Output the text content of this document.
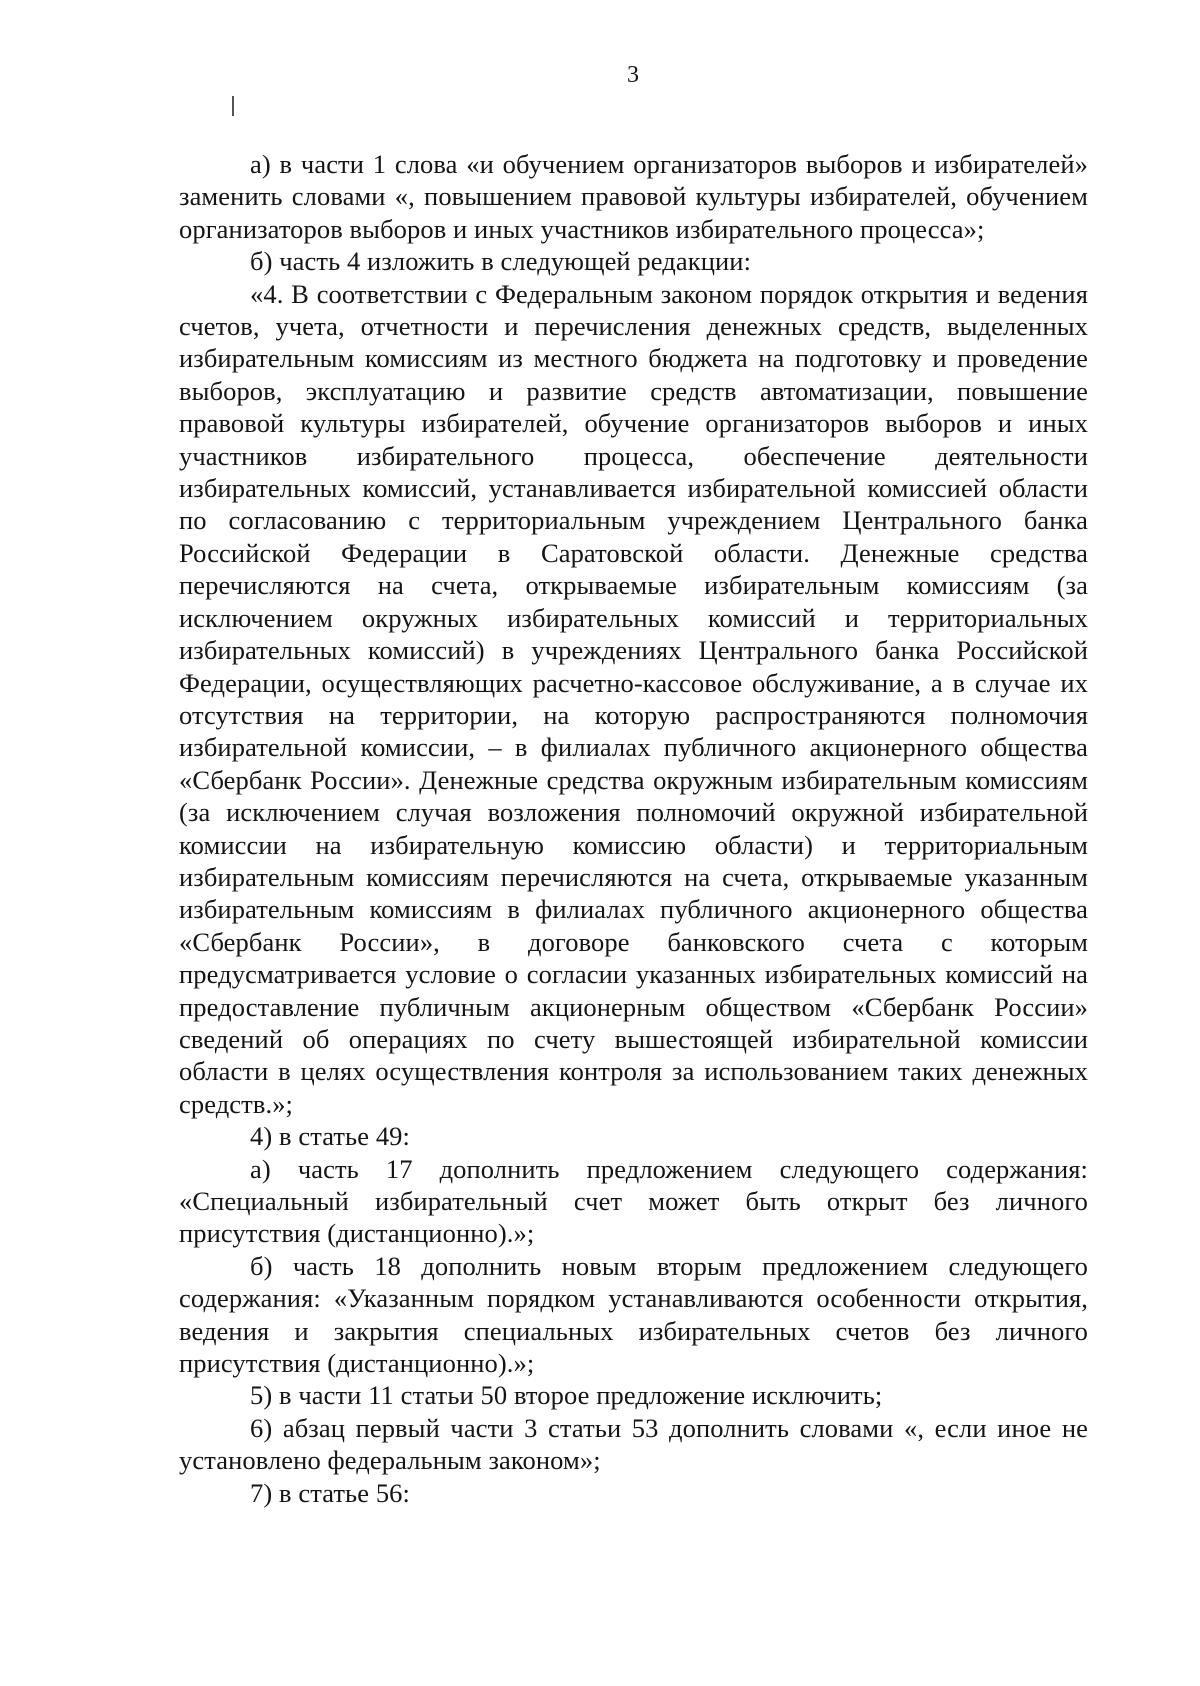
3

а) в части 1 слова «и обучением организаторов выборов и избирателей» заменить словами «, повышением правовой культуры избирателей, обучением организаторов выборов и иных участников избирательного процесса»;

б) часть 4 изложить в следующей редакции:

«4. В соответствии с Федеральным законом порядок открытия и ведения счетов, учета, отчетности и перечисления денежных средств, выделенных избирательным комиссиям из местного бюджета на подготовку и проведение выборов, эксплуатацию и развитие средств автоматизации, повышение правовой культуры избирателей, обучение организаторов выборов и иных участников избирательного процесса, обеспечение деятельности избирательных комиссий, устанавливается избирательной комиссией области по согласованию с территориальным учреждением Центрального банка Российской Федерации в Саратовской области. Денежные средства перечисляются на счета, открываемые избирательным комиссиям (за исключением окружных избирательных комиссий и территориальных избирательных комиссий) в учреждениях Центрального банка Российской Федерации, осуществляющих расчетно-кассовое обслуживание, а в случае их отсутствия на территории, на которую распространяются полномочия избирательной комиссии, – в филиалах публичного акционерного общества «Сбербанк России». Денежные средства окружным избирательным комиссиям (за исключением случая возложения полномочий окружной избирательной комиссии на избирательную комиссию области) и территориальным избирательным комиссиям перечисляются на счета, открываемые указанным избирательным комиссиям в филиалах публичного акционерного общества «Сбербанк России», в договоре банковского счета с которым предусматривается условие о согласии указанных избирательных комиссий на предоставление публичным акционерным обществом «Сбербанк России» сведений об операциях по счету вышестоящей избирательной комиссии области в целях осуществления контроля за использованием таких денежных средств.»;

4) в статье 49:

а) часть 17 дополнить предложением следующего содержания: «Специальный избирательный счет может быть открыт без личного присутствия (дистанционно).»;

б) часть 18 дополнить новым вторым предложением следующего содержания: «Указанным порядком устанавливаются особенности открытия, ведения и закрытия специальных избирательных счетов без личного присутствия (дистанционно).»;

5) в части 11 статьи 50 второе предложение исключить;

6) абзац первый части 3 статьи 53 дополнить словами «, если иное не установлено федеральным законом»;

7) в статье 56:
